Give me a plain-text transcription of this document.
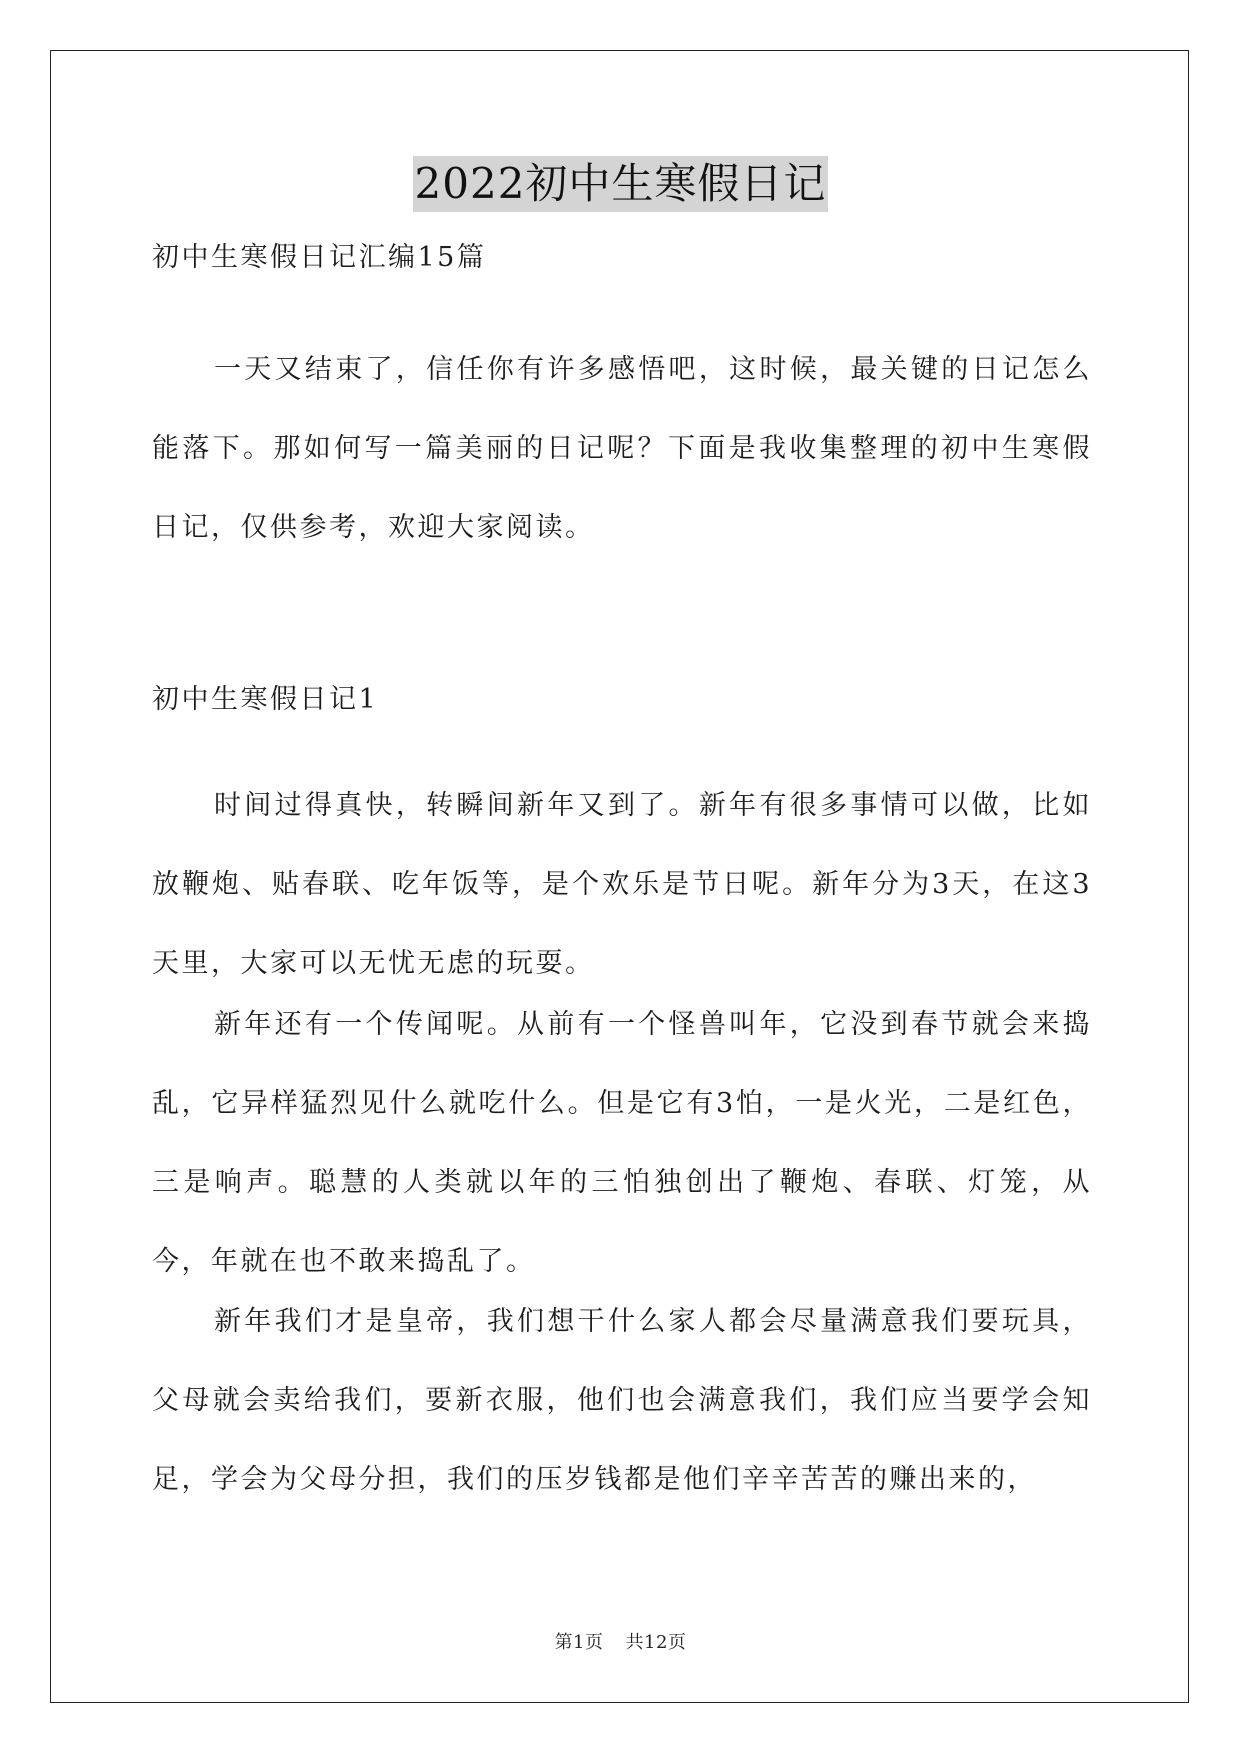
2022初中生寒假日记
初中生寒假日记汇编15篇
一天又结束了，信任你有许多感悟吧，这时候，最关键的日记怎么能落下。那如何写一篇美丽的日记呢？下面是我收集整理的初中生寒假日记，仅供参考，欢迎大家阅读。
初中生寒假日记1
时间过得真快，转瞬间新年又到了。新年有很多事情可以做，比如放鞭炮、贴春联、吃年饭等，是个欢乐是节日呢。新年分为3天，在这3天里，大家可以无忧无虑的玩耍。
新年还有一个传闻呢。从前有一个怪兽叫年，它没到春节就会来捣乱，它异样猛烈见什么就吃什么。但是它有3怕，一是火光，二是红色，三是响声。聪慧的人类就以年的三怕独创出了鞭炮、春联、灯笼，从今，年就在也不敢来捣乱了。
新年我们才是皇帝，我们想干什么家人都会尽量满意我们要玩具，父母就会卖给我们，要新衣服，他们也会满意我们，我们应当要学会知足，学会为父母分担，我们的压岁钱都是他们辛辛苦苦的赚出来的，
第1页 共12页
